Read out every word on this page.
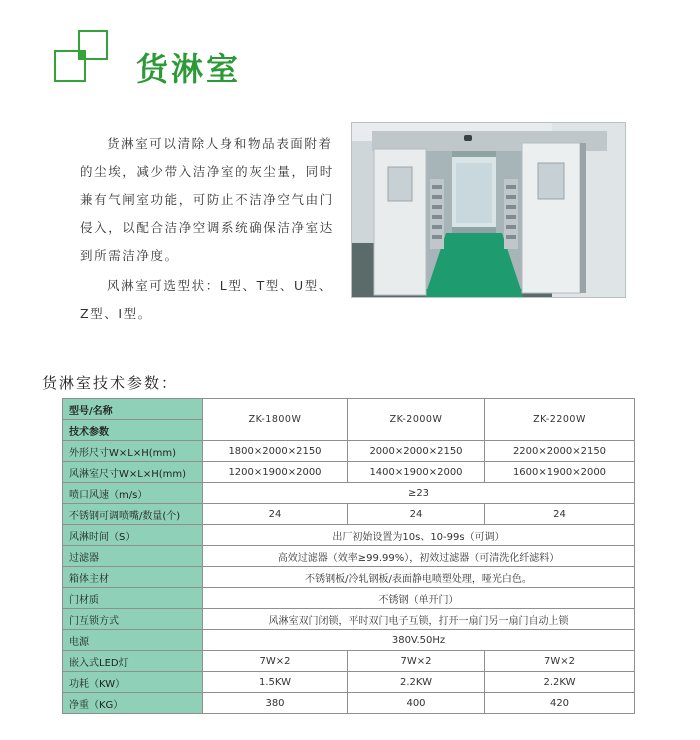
货淋室

货淋室可以清除人身和物品表面附着的尘埃，减少带入洁净室的灰尘量，同时兼有气闸室功能，可防止不洁净空气由门侵入，以配合洁净空调系统确保洁净室达到所需洁净度。

风淋室可选型状：L型、T型、U型、Z型、I型。

货淋室技术参数：
型号/名称	ZK-1800W	ZK-2000W	ZK-2200W
技术参数			
外形尺寸W×L×H(mm)	1800×2000×2150	2000×2000×2150	2200×2000×2150
风淋室尺寸W×L×H(mm)	1200×1900×2000	1400×1900×2000	1600×1900×2000
喷口风速（m/s）	≥23		
不锈钢可调喷嘴/数量(个)	24	24	24
风淋时间（S）	出厂初始设置为10s、10-99s（可调）		
过滤器	高效过滤器（效率≥99.99%），初效过滤器（可清洗化纤滤料）		
箱体主材	不锈钢板/冷轧钢板/表面静电喷塑处理，哑光白色。		
门材质	不锈钢（单开门）		
门互锁方式	风淋室双门闭锁，平时双门电子互锁，打开一扇门另一扇门自动上锁		
电源	380V.50Hz		
嵌入式LED灯	7W×2	7W×2	7W×2
功耗（KW）	1.5KW	2.2KW	2.2KW
净重（KG）	380	400	420
